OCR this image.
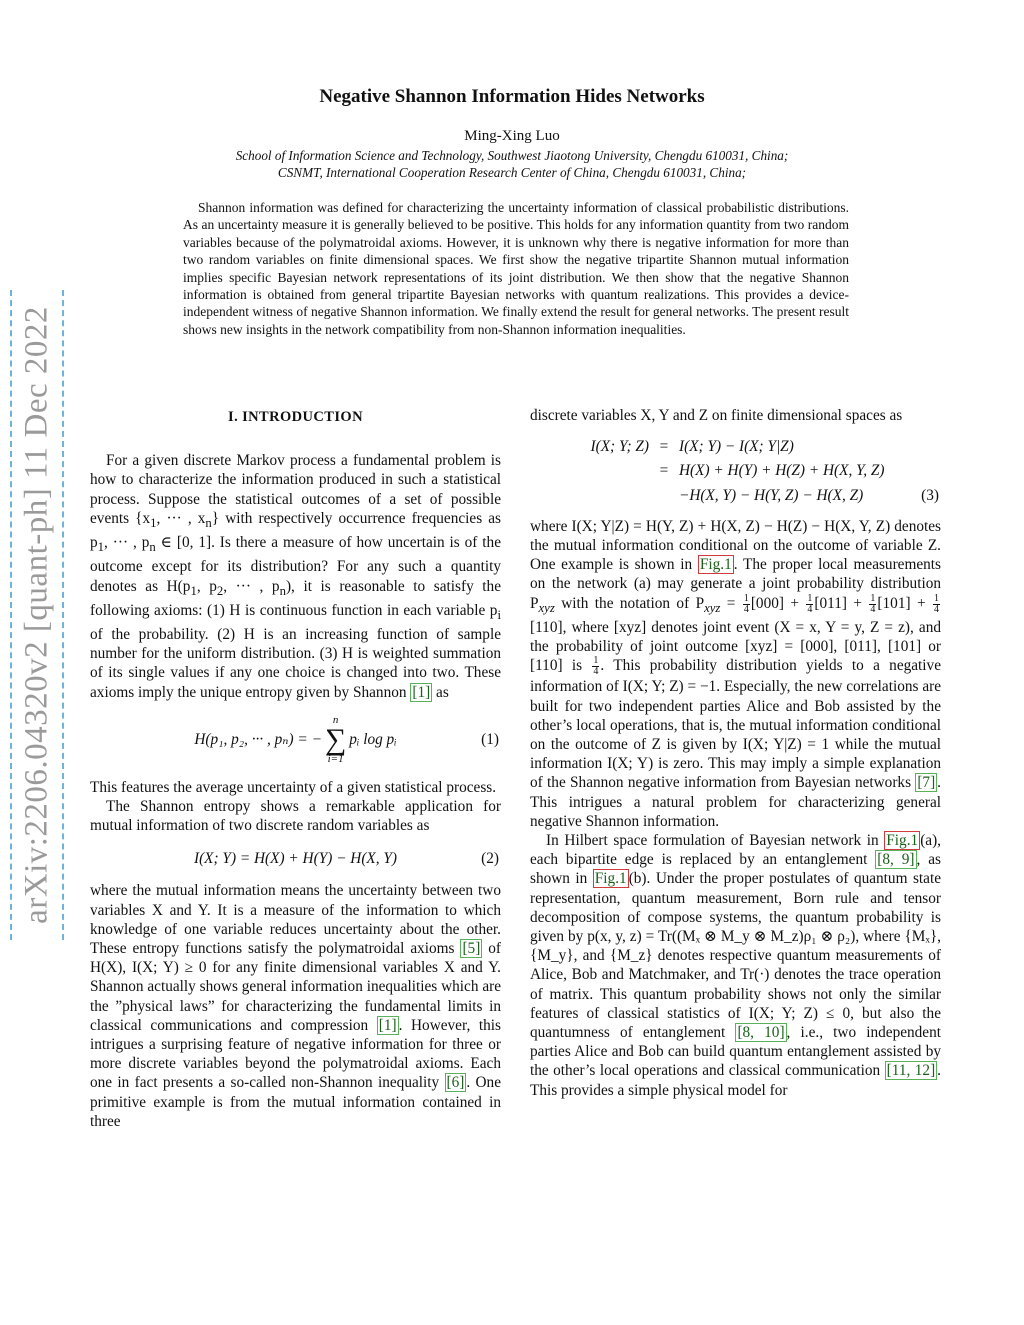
arXiv:2206.04320v2 [quant-ph] 11 Dec 2022
Negative Shannon Information Hides Networks
Ming-Xing Luo
School of Information Science and Technology, Southwest Jiaotong University, Chengdu 610031, China;
CSNMT, International Cooperation Research Center of China, Chengdu 610031, China;

Shannon information was defined for characterizing the uncertainty information of classical probabilistic distributions. As an uncertainty measure it is generally believed to be positive. This holds for any information quantity from two random variables because of the polymatroidal axioms. However, it is unknown why there is negative information for more than two random variables on finite dimensional spaces. We first show the negative tripartite Shannon mutual information implies specific Bayesian network representations of its joint distribution. We then show that the negative Shannon information is obtained from general tripartite Bayesian networks with quantum realizations. This provides a device-independent witness of negative Shannon information. We finally extend the result for general networks. The present result shows new insights in the network compatibility from non-Shannon information inequalities.

I. INTRODUCTION

For a given discrete Markov process a fundamental problem is how to characterize the information produced in such a statistical process. Suppose the statistical outcomes of a set of possible events {$x_1$, ··· , $x_n$} with respectively occurrence frequencies as $p_1$, ··· , $p_n$ ∈ [0, 1]. Is there a measure of how uncertain is of the outcome except for its distribution? For any such a quantity denotes as $H(p_1$, $p_2$, ··· , $p_n$), it is reasonable to satisfy the following axioms: (1) H is continuous function in each variable $p_i$ of the probability. (2) H is an increasing function of sample number for the uniform distribution. (3) H is weighted summation of its single values if any one choice is changed into two. These axioms imply the unique entropy given by Shannon [1] as

H(p₁, p₂, ··· , pₙ) = −
n
∑
i=1
pᵢ log pᵢ	(1)

This features the average uncertainty of a given statistical process.

The Shannon entropy shows a remarkable application for mutual information of two discrete random variables as

I(X; Y) = H(X) + H(Y) − H(X, Y)	(2)

where the mutual information means the uncertainty between two variables X and Y. It is a measure of the information to which knowledge of one variable reduces uncertainty about the other. These entropy functions satisfy the polymatroidal axioms [5] of H(X), I(X; Y) ≥ 0 for any finite dimensional variables X and Y. Shannon actually shows general information inequalities which are the ”physical laws” for characterizing the fundamental limits in classical communications and compression [1] . However, this intrigues a surprising feature of negative information for three or more discrete variables beyond the polymatroidal axioms. Each one in fact presents a so-called non-Shannon inequality [6] . One primitive example is from the mutual information contained in three

discrete variables X, Y and Z on finite dimensional spaces as

I(X; Y; Z) = I(X; Y) − I(X; Y|Z)
= H(X) + H(Y) + H(Z) + H(X, Y, Z)
−H(X, Y) − H(Y, Z) − H(X, Z)	(3)

where I(X; Y|Z) = H(Y, Z) + H(X, Z) − H(Z) − H(X, Y, Z) denotes the mutual information conditional on the outcome of variable Z. One example is shown in Fig.1 . The proper local measurements on the network (a) may generate a joint probability distribution $P_{xyz}$ with the notation of $P_{xyz} = \frac{1}{4} [000] + \frac{1}{4} [011] + \frac{1}{4} [101] + \frac{1}{4}$
[110], where [xyz] denotes joint event (X = x, Y = y, Z = z), and the probability of joint outcome [xyz] = [000], [011], [101] or [110] is $\frac{1}{4}$ . This probability distribution yields to a negative information of I(X; Y; Z) = −1. Especially, the new correlations are built for two independent parties Alice and Bob assisted by the other’s local operations, that is, the mutual information conditional on the outcome of Z is given by I(X; Y|Z) = 1 while the mutual information I(X; Y) is zero. This may imply a simple explanation of the Shannon negative information from Bayesian networks [7] . This intrigues a natural problem for characterizing general negative Shannon information.

In Hilbert space formulation of Bayesian network in Fig.1 (a), each bipartite edge is replaced by an entanglement [8, 9] , as shown in Fig.1 (b). Under the proper postulates of quantum state representation, quantum measurement, Born rule and tensor decomposition of compose systems, the quantum probability is given by p(x, y, z) = Tr((Mₓ ⊗ M_y ⊗ M_z)ρ₁ ⊗ ρ₂), where {Mₓ}, {M_y}, and {M_z} denotes respective quantum measurements of Alice, Bob and Matchmaker, and Tr(·) denotes the trace operation of matrix. This quantum probability shows not only the similar features of classical statistics of I(X; Y; Z) ≤ 0, but also the quantumness of entanglement [8, 10] , i.e., two independent parties Alice and Bob can build quantum entanglement assisted by the other’s local operations and classical communication [11, 12] . This provides a simple physical model for
